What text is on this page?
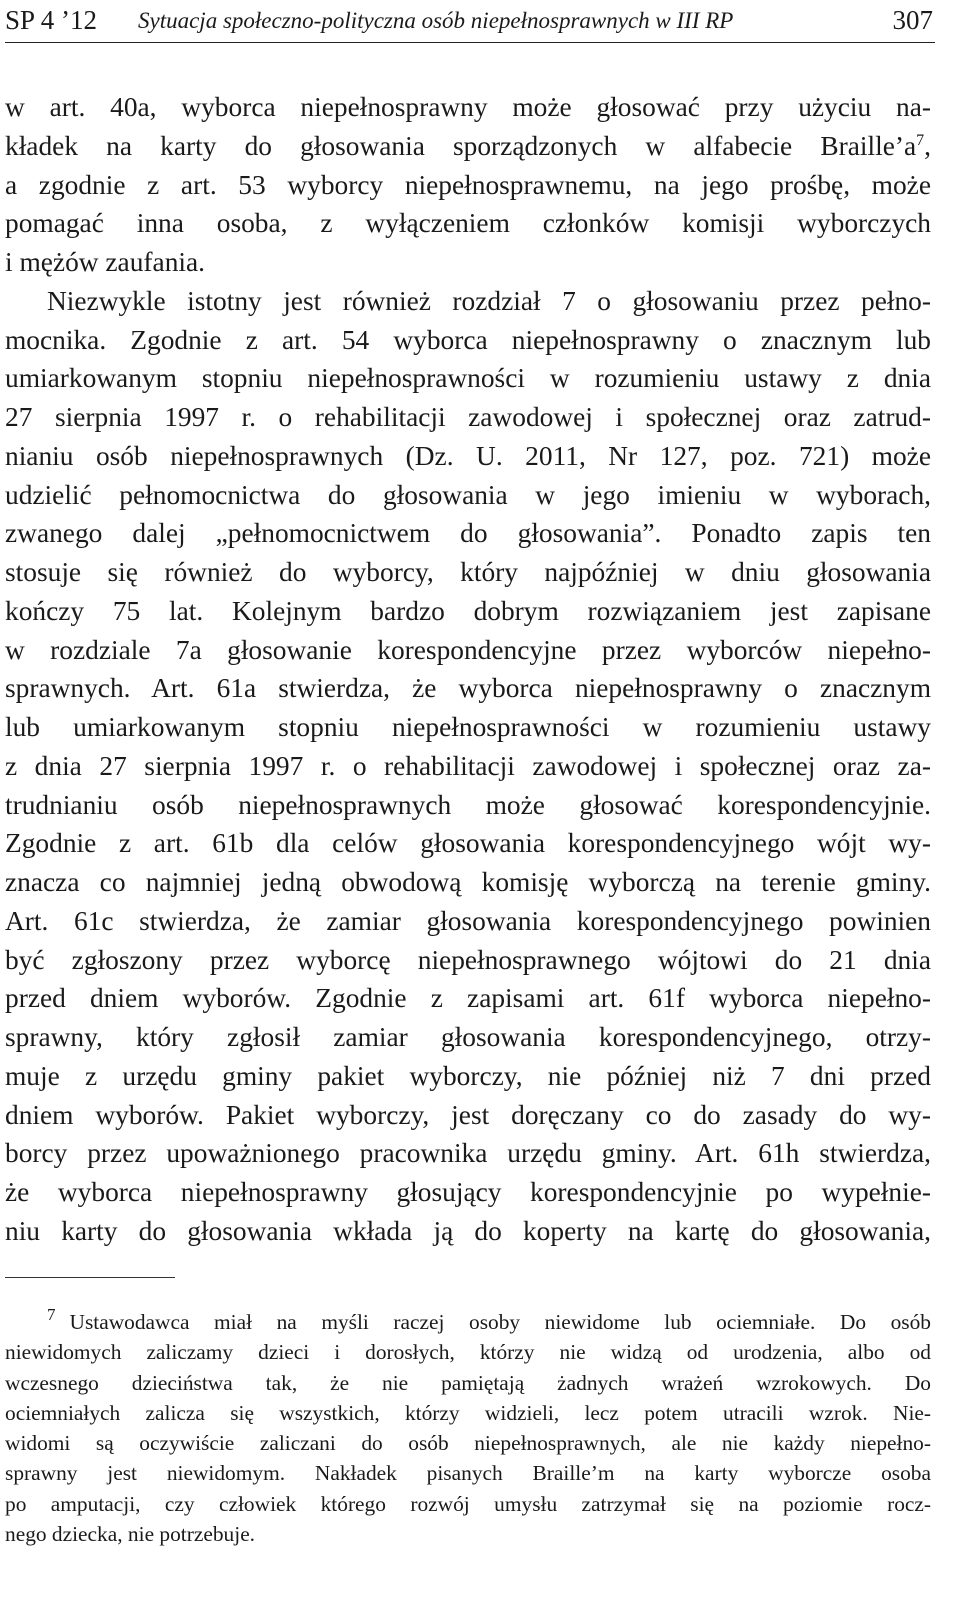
SP 4 ’12 Sytuacja społeczno-polityczna osób niepełnosprawnych w III RP	307
w art. 40a, wyborca niepełnosprawny może głosować przy użyciu na-
kładek na karty do głosowania sporządzonych w alfabecie Braille’a$^7$,
a zgodnie z art. 53 wyborcy niepełnosprawnemu, na jego prośbę, może
pomagać inna osoba, z wyłączeniem członków komisji wyborczych
i mężów zaufania.
Niezwykle istotny jest również rozdział 7 o głosowaniu przez pełno-
mocnika. Zgodnie z art. 54 wyborca niepełnosprawny o znacznym lub
umiarkowanym stopniu niepełnosprawności w rozumieniu ustawy z dnia
27 sierpnia 1997 r. o rehabilitacji zawodowej i społecznej oraz zatrud-
nianiu osób niepełnosprawnych (Dz. U. 2011, Nr 127, poz. 721) może
udzielić pełnomocnictwa do głosowania w jego imieniu w wyborach,
zwanego dalej „pełnomocnictwem do głosowania”. Ponadto zapis ten
stosuje się również do wyborcy, który najpóźniej w dniu głosowania
kończy 75 lat. Kolejnym bardzo dobrym rozwiązaniem jest zapisane
w rozdziale 7a głosowanie korespondencyjne przez wyborców niepełno-
sprawnych. Art. 61a stwierdza, że wyborca niepełnosprawny o znacznym
lub umiarkowanym stopniu niepełnosprawności w rozumieniu ustawy
z dnia 27 sierpnia 1997 r. o rehabilitacji zawodowej i społecznej oraz za-
trudnianiu osób niepełnosprawnych może głosować korespondencyjnie.
Zgodnie z art. 61b dla celów głosowania korespondencyjnego wójt wy-
znacza co najmniej jedną obwodową komisję wyborczą na terenie gminy.
Art. 61c stwierdza, że zamiar głosowania korespondencyjnego powinien
być zgłoszony przez wyborcę niepełnosprawnego wójtowi do 21 dnia
przed dniem wyborów. Zgodnie z zapisami art. 61f wyborca niepełno-
sprawny, który zgłosił zamiar głosowania korespondencyjnego, otrzy-
muje z urzędu gminy pakiet wyborczy, nie później niż 7 dni przed
dniem wyborów. Pakiet wyborczy, jest doręczany co do zasady do wy-
borcy przez upoważnionego pracownika urzędu gminy. Art. 61h stwierdza,
że wyborca niepełnosprawny głosujący korespondencyjnie po wypełnie-
niu karty do głosowania wkłada ją do koperty na kartę do głosowania,
$^7$ Ustawodawca miał na myśli raczej osoby niewidome lub ociemniałe. Do osób
niewidomych zaliczamy dzieci i dorosłych, którzy nie widzą od urodzenia, albo od
wczesnego dzieciństwa tak, że nie pamiętają żadnych wrażeń wzrokowych. Do
ociemniałych zalicza się wszystkich, którzy widzieli, lecz potem utracili wzrok. Nie-
widomi są oczywiście zaliczani do osób niepełnosprawnych, ale nie każdy niepełno-
sprawny jest niewidomym. Nakładek pisanych Braille’m na karty wyborcze osoba
po amputacji, czy człowiek którego rozwój umysłu zatrzymał się na poziomie rocz-
nego dziecka, nie potrzebuje.
